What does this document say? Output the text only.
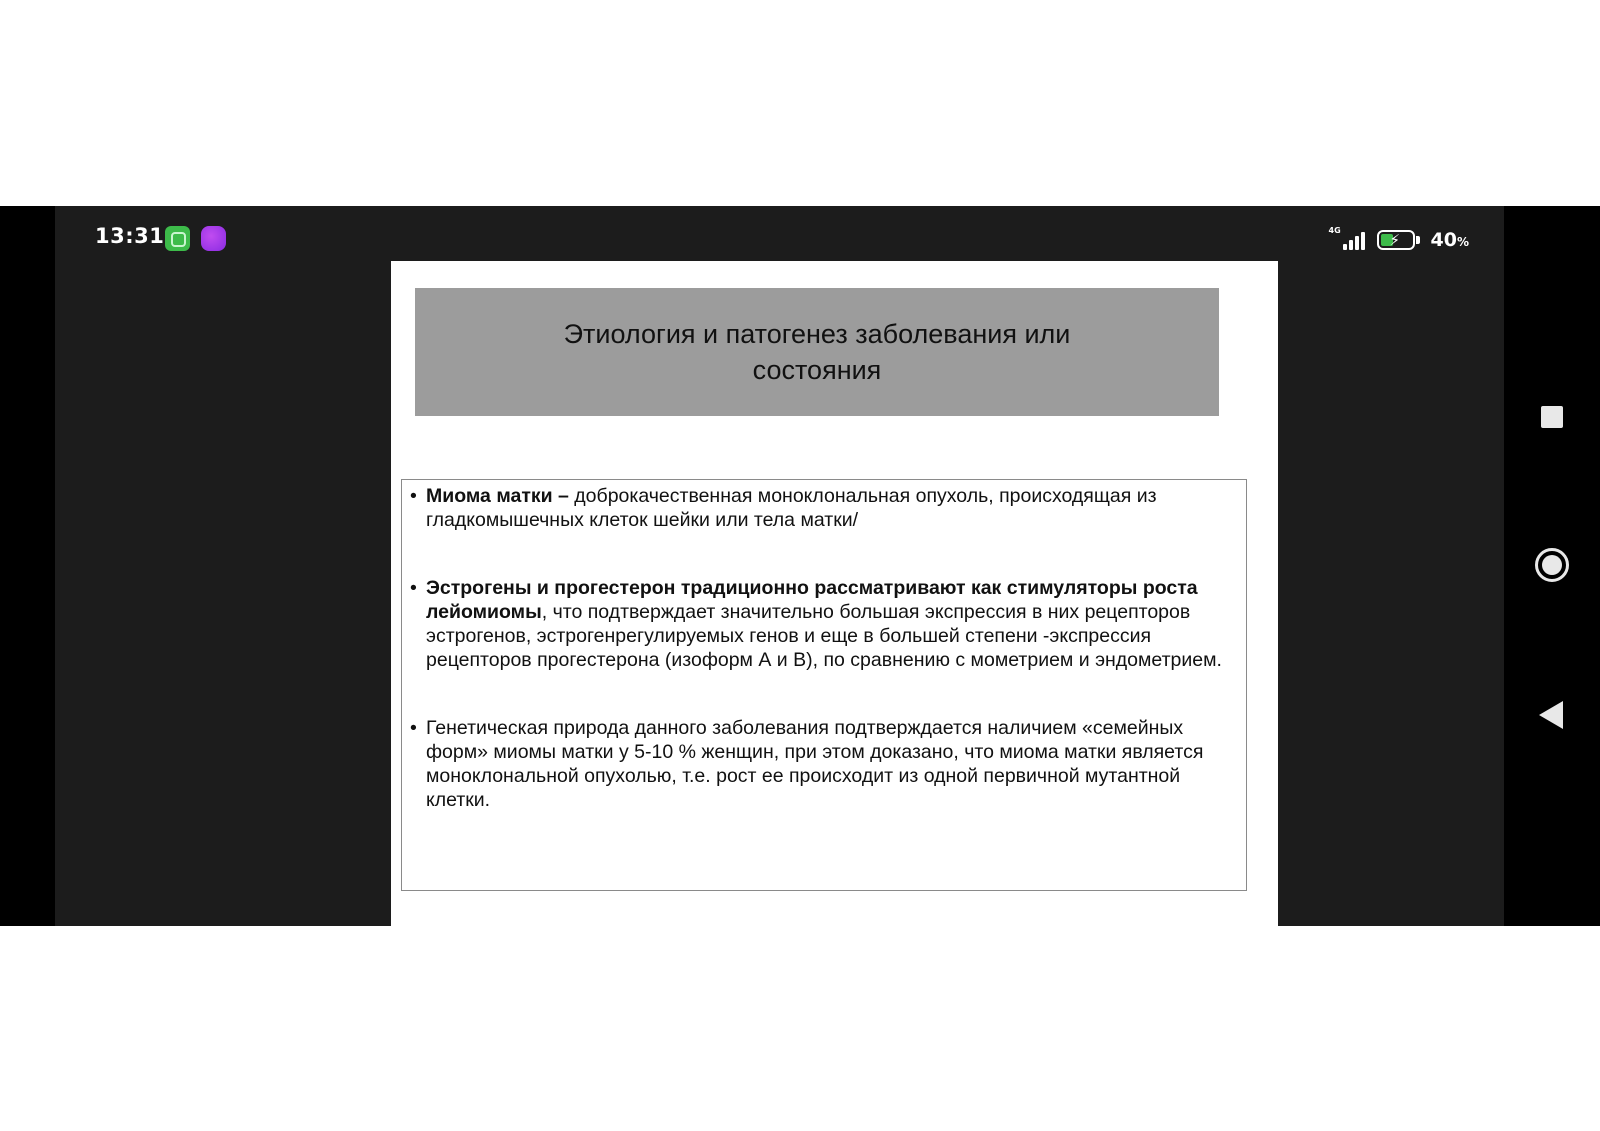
13:31	4G
⚡ 40%
Этиология и патогенез заболевания или состояния
• Миома матки – доброкачественная моноклональная опухоль, происходящая из гладкомышечных клеток шейки или тела матки/
• Эстрогены и прогестерон традиционно рассматривают как стимуляторы роста лейомиомы, что подтверждает значительно большая экспрессия в них рецепторов эстрогенов, эстрогенрегулируемых генов и еще в большей степени -экспрессия рецепторов прогестерона (изоформ А и В), по сравнению с мометрием и эндометрием.
• Генетическая природа данного заболевания подтверждается наличием «семейных форм» миомы матки у 5-10 % женщин, при этом доказано, что миома матки является моноклональной опухолью, т.е. рост ее происходит из одной первичной мутантной клетки.
